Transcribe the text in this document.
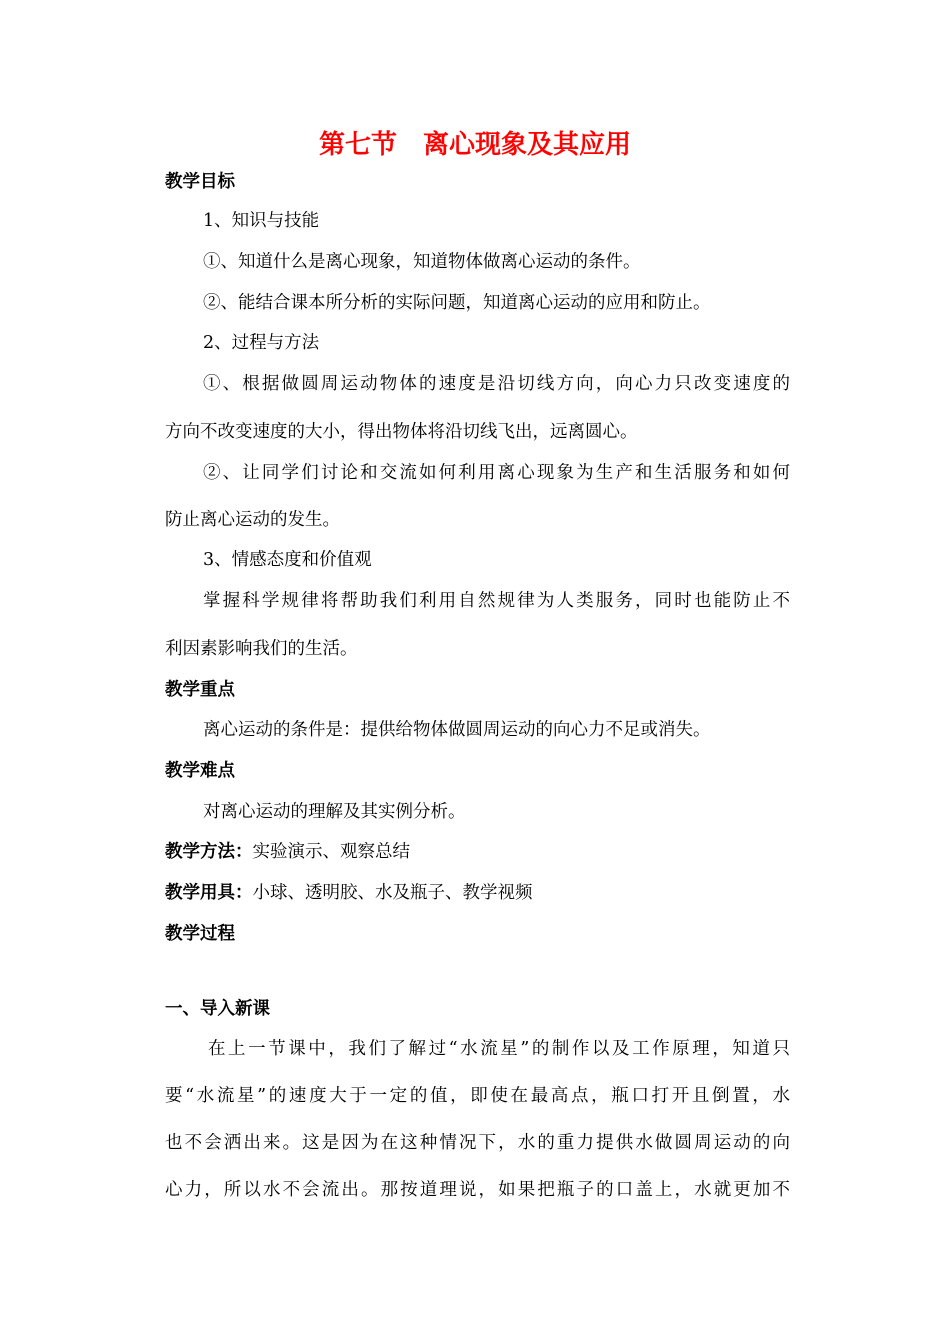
第七节　离心现象及其应用
教学目标
1、知识与技能
①、知道什么是离心现象，知道物体做离心运动的条件。
②、能结合课本所分析的实际问题，知道离心运动的应用和防止。
2、过程与方法
①、根据做圆周运动物体的速度是沿切线方向，向心力只改变速度的
方向不改变速度的大小，得出物体将沿切线飞出，远离圆心。
②、让同学们讨论和交流如何利用离心现象为生产和生活服务和如何
防止离心运动的发生。
3、情感态度和价值观
掌握科学规律将帮助我们利用自然规律为人类服务，同时也能防止不
利因素影响我们的生活。
教学重点
离心运动的条件是：提供给物体做圆周运动的向心力不足或消失。
教学难点
对离心运动的理解及其实例分析。
教学方法：实验演示、观察总结
教学用具：小球、透明胶、水及瓶子、教学视频
教学过程
一、导入新课
在上一节课中，我们了解过“水流星”的制作以及工作原理，知道只
要“水流星”的速度大于一定的值，即使在最高点，瓶口打开且倒置，水
也不会洒出来。这是因为在这种情况下，水的重力提供水做圆周运动的向
心力，所以水不会流出。那按道理说，如果把瓶子的口盖上，水就更加不
